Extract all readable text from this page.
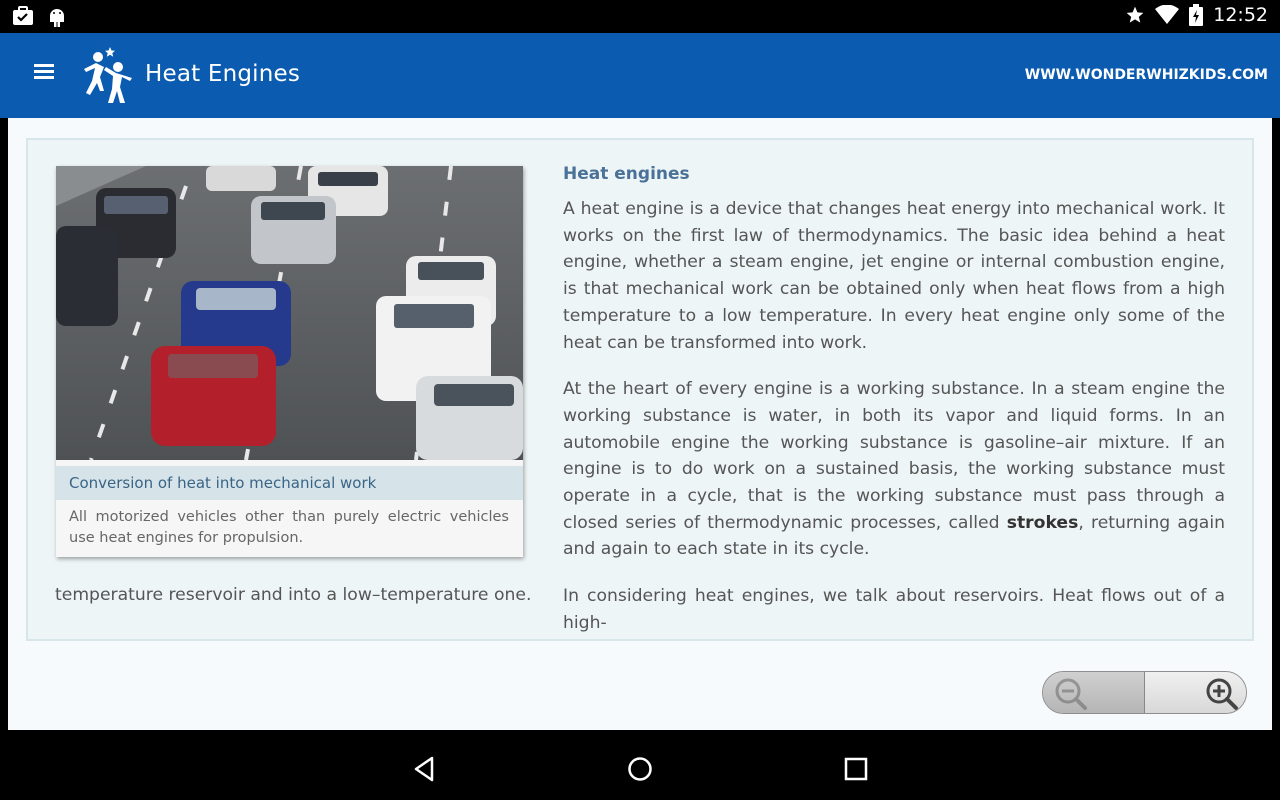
12:52
Heat Engines	WWW.WONDERWHIZKIDS.COM
Conversion of heat into mechanical work
All motorized vehicles other than purely electric vehicles use heat engines for propulsion.
Heat engines

A heat engine is a device that changes heat energy into mechanical work. It works on the first law of thermodynamics. The basic idea behind a heat engine, whether a steam engine, jet engine or internal combustion engine, is that mechanical work can be obtained only when heat flows from a high temperature to a low temperature. In every heat engine only some of the heat can be transformed into work.

At the heart of every engine is a working substance. In a steam engine the working substance is water, in both its vapor and liquid forms. In an automobile engine the working substance is gasoline–air mixture. If an engine is to do work on a sustained basis, the working substance must operate in a cycle, that is the working substance must pass through a closed series of thermodynamic processes, called strokes, returning again and again to each state in its cycle.

In considering heat engines, we talk about reservoirs. Heat flows out of a high-

temperature reservoir and into a low–temperature one.
